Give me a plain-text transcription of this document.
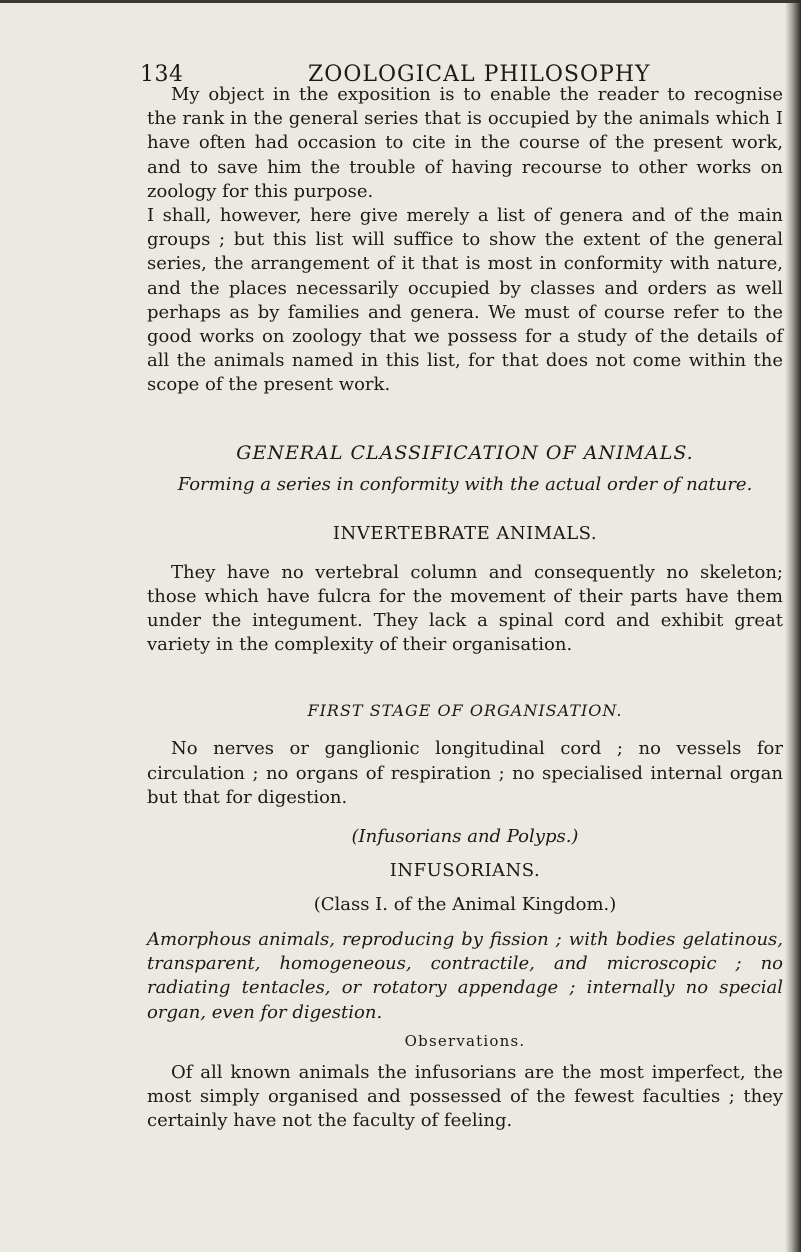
134	ZOOLOGICAL PHILOSOPHY

My object in the exposition is to enable the reader to recognise the rank in the general series that is occupied by the animals which I have often had occasion to cite in the course of the present work, and to save him the trouble of having recourse to other works on zoology for this purpose.

I shall, however, here give merely a list of genera and of the main groups ; but this list will suffice to show the extent of the general series, the arrangement of it that is most in conformity with nature, and the places necessarily occupied by classes and orders as well perhaps as by families and genera. We must of course refer to the good works on zoology that we possess for a study of the details of all the animals named in this list, for that does not come within the scope of the present work.

GENERAL CLASSIFICATION OF ANIMALS.
Forming a series in conformity with the actual order of nature.
INVERTEBRATE ANIMALS.

They have no vertebral column and consequently no skeleton; those which have fulcra for the movement of their parts have them under the integument. They lack a spinal cord and exhibit great variety in the complexity of their organisation.

FIRST STAGE OF ORGANISATION.

No nerves or ganglionic longitudinal cord ; no vessels for circulation ; no organs of respiration ; no specialised internal organ but that for digestion.

(Infusorians and Polyps.)
INFUSORIANS.
(Class I. of the Animal Kingdom.)

Amorphous animals, reproducing by fission ; with bodies gelatinous, transparent, homogeneous, contractile, and microscopic ; no radiating tentacles, or rotatory appendage ; internally no special organ, even for digestion.

Observations.

Of all known animals the infusorians are the most imperfect, the most simply organised and possessed of the fewest faculties ; they certainly have not the faculty of feeling.
